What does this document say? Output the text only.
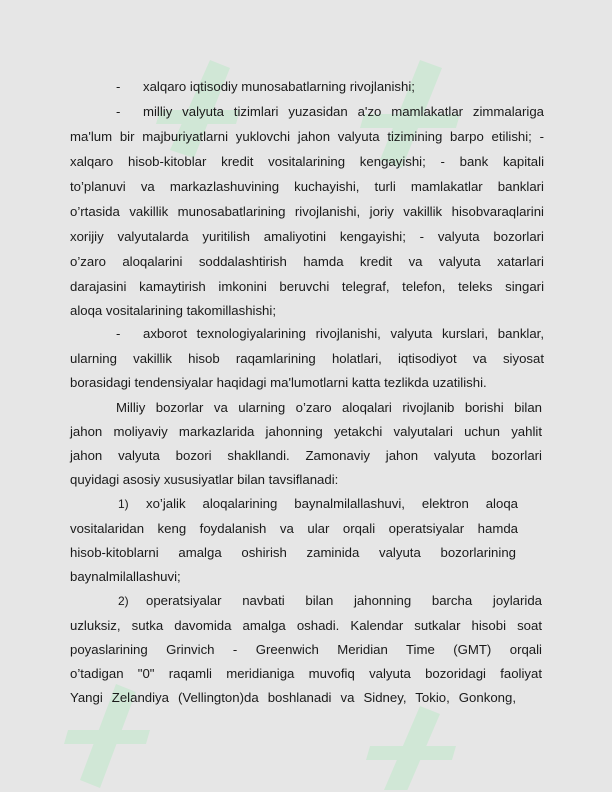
- xalqaro iqtisodiy munosabatlarning rivojlanishi;
- milliy valyuta tizimlari yuzasidan a'zo mamlakatlar zimmalariga
ma'lum bir majburiyatlarni yuklovchi jahon valyuta tizimining barpo etilishi; -
xalqaro hisob-kitoblar kredit vositalarining kengayishi; - bank kapitali
to’planuvi va markazlashuvining kuchayishi, turli mamlakatlar banklari
o’rtasida vakillik munosabatlarining rivojlanishi, joriy vakillik hisobvaraqlarini
xorijiy valyutalarda yuritilish amaliyotini kengayishi; - valyuta bozorlari
o’zaro aloqalarini soddalashtirish hamda kredit va valyuta xatarlari
darajasini kamaytirish imkonini beruvchi telegraf, telefon, teleks singari
aloqa vositalarining takomillashishi;
- axborot texnologiyalarining rivojlanishi, valyuta kurslari, banklar,
ularning vakillik hisob raqamlarining holatlari, iqtisodiyot va siyosat
borasidagi tendensiyalar haqidagi ma'lumotlarni katta tezlikda uzatilishi.
Milliy bozorlar va ularning o’zaro aloqalari rivojlanib borishi bilan
jahon moliyaviy markazlarida jahonning yetakchi valyutalari uchun yahlit
jahon valyuta bozori shakllandi. Zamonaviy jahon valyuta bozorlari
quyidagi asosiy xususiyatlar bilan tavsiflanadi:
1) xo’jalik aloqalarining baynalmilallashuvi, elektron aloqa
vositalaridan keng foydalanish va ular orqali operatsiyalar hamda
hisob-kitoblarni amalga oshirish zaminida valyuta bozorlarining
baynalmilallashuvi;
2) operatsiyalar navbati bilan jahonning barcha joylarida
uzluksiz, sutka davomida amalga oshadi. Kalendar sutkalar hisobi soat
poyaslarining Grinvich - Greenwich Meridian Time (GMT) orqali
o’tadigan "0" raqamli meridianiga muvofiq valyuta bozoridagi faoliyat
Yangi Zelandiya (Vellington)da boshlanadi va Sidney, Tokio, Gonkong,
